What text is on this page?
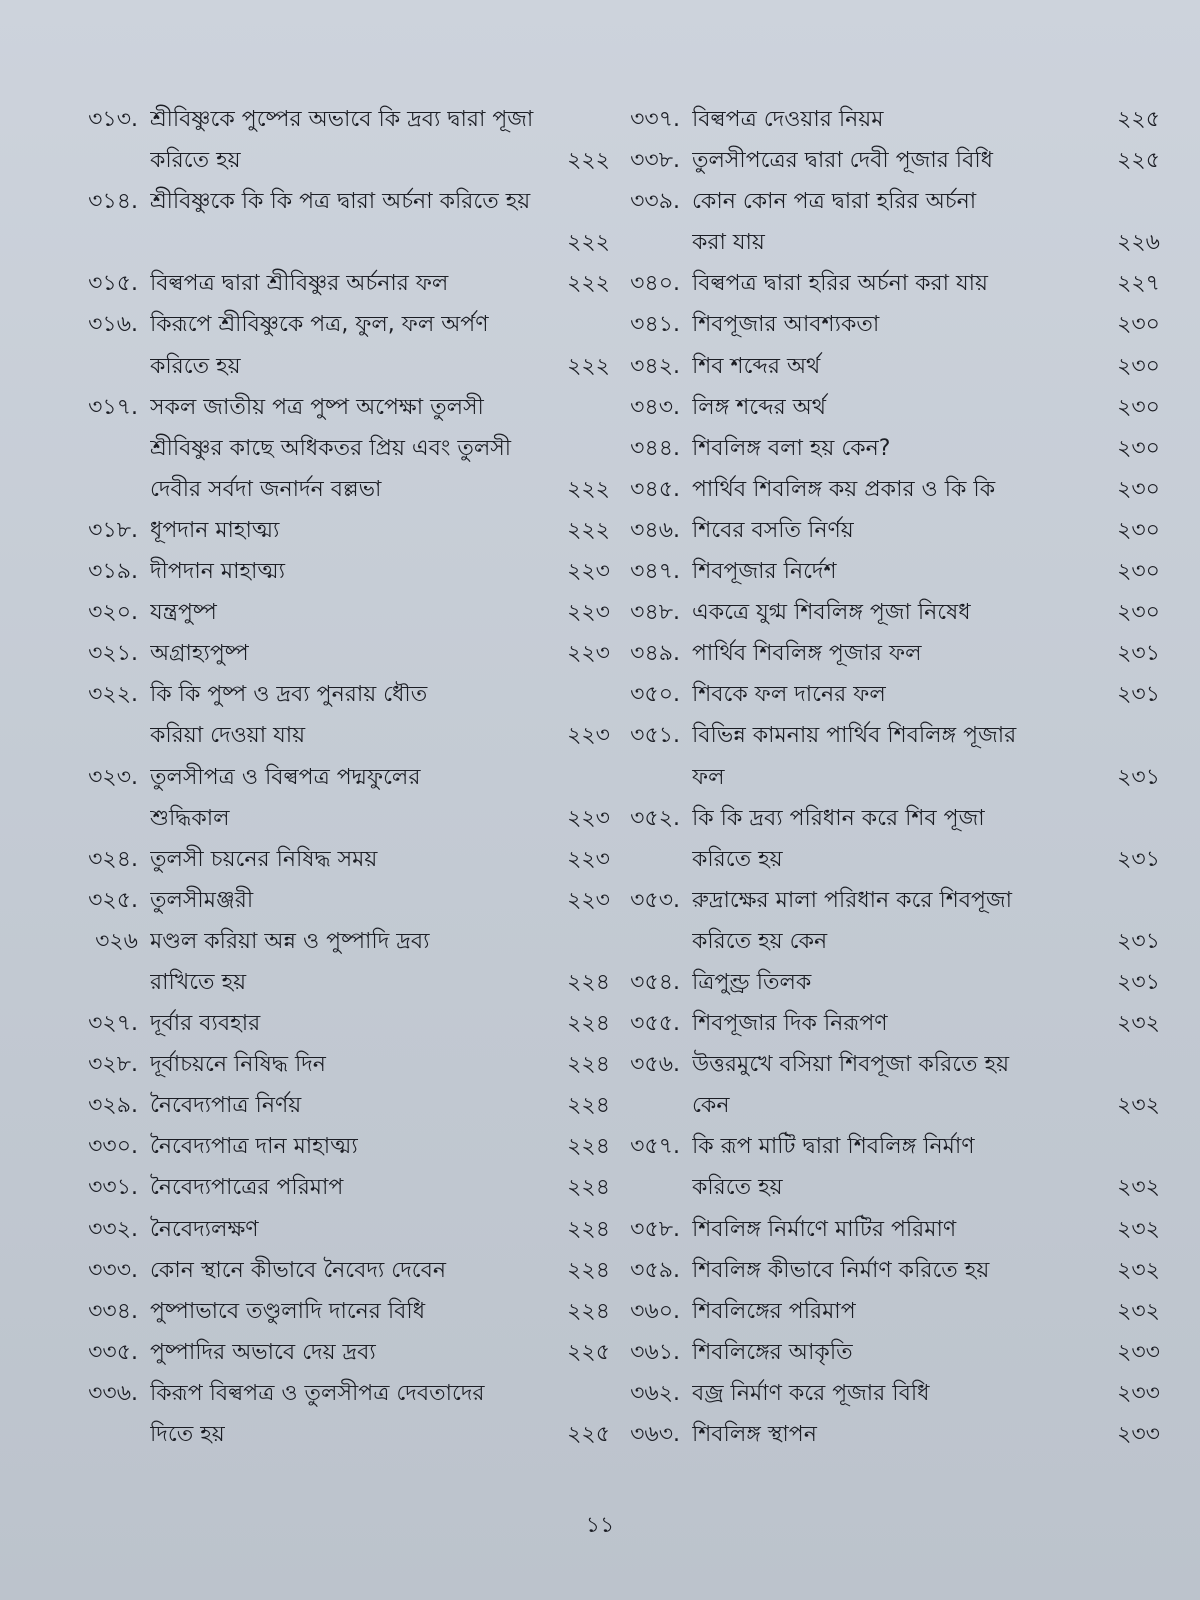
৩১৩. শ্রীবিষ্ণুকে পুষ্পের অভাবে কি দ্রব্য দ্বারা পূজা
করিতে হয়	২২২
৩১৪. শ্রীবিষ্ণুকে কি কি পত্র দ্বারা অর্চনা করিতে হয়
২২২
৩১৫. বিল্বপত্র দ্বারা শ্রীবিষ্ণুর অর্চনার ফল	২২২
৩১৬. কিরূপে শ্রীবিষ্ণুকে পত্র, ফুল, ফল অর্পণ
করিতে হয়	২২২
৩১৭. সকল জাতীয় পত্র পুষ্প অপেক্ষা তুলসী
শ্রীবিষ্ণুর কাছে অধিকতর প্রিয় এবং তুলসী
দেবীর সর্বদা জনার্দন বল্লভা	২২২
৩১৮. ধূপদান মাহাত্ম্য	২২২
৩১৯. দীপদান মাহাত্ম্য	২২৩
৩২০. যন্ত্রপুষ্প	২২৩
৩২১. অগ্রাহ্যপুষ্প	২২৩
৩২২. কি কি পুষ্প ও দ্রব্য পুনরায় ধৌত
করিয়া দেওয়া যায়	২২৩
৩২৩. তুলসীপত্র ও বিল্বপত্র পদ্মফুলের
শুদ্ধিকাল	২২৩
৩২৪. তুলসী চয়নের নিষিদ্ধ সময়	২২৩
৩২৫. তুলসীমঞ্জরী	২২৩
৩২৬ মণ্ডল করিয়া অন্ন ও পুষ্পাদি দ্রব্য
রাখিতে হয়	২২৪
৩২৭. দূর্বার ব্যবহার	২২৪
৩২৮. দূর্বাচয়নে নিষিদ্ধ দিন	২২৪
৩২৯. নৈবেদ্যপাত্র নির্ণয়	২২৪
৩৩০. নৈবেদ্যপাত্র দান মাহাত্ম্য	২২৪
৩৩১. নৈবেদ্যপাত্রের পরিমাপ	২২৪
৩৩২. নৈবেদ্যলক্ষণ	২২৪
৩৩৩. কোন স্থানে কীভাবে নৈবেদ্য দেবেন	২২৪
৩৩৪. পুষ্পাভাবে তণ্ডুলাদি দানের বিধি	২২৪
৩৩৫. পুষ্পাদির অভাবে দেয় দ্রব্য	২২৫
৩৩৬. কিরূপ বিল্বপত্র ও তুলসীপত্র দেবতাদের
দিতে হয়	২২৫
৩৩৭. বিল্বপত্র দেওয়ার নিয়ম	২২৫
৩৩৮. তুলসীপত্রের দ্বারা দেবী পূজার বিধি	২২৫
৩৩৯. কোন কোন পত্র দ্বারা হরির অর্চনা
করা যায়	২২৬
৩৪০. বিল্বপত্র দ্বারা হরির অর্চনা করা যায়	২২৭
৩৪১. শিবপূজার আবশ্যকতা	২৩০
৩৪২. শিব শব্দের অর্থ	২৩০
৩৪৩. লিঙ্গ শব্দের অর্থ	২৩০
৩৪৪. শিবলিঙ্গ বলা হয় কেন?	২৩০
৩৪৫. পার্থিব শিবলিঙ্গ কয় প্রকার ও কি কি	২৩০
৩৪৬. শিবের বসতি নির্ণয়	২৩০
৩৪৭. শিবপূজার নির্দেশ	২৩০
৩৪৮. একত্রে যুগ্ম শিবলিঙ্গ পূজা নিষেধ	২৩০
৩৪৯. পার্থিব শিবলিঙ্গ পূজার ফল	২৩১
৩৫০. শিবকে ফল দানের ফল	২৩১
৩৫১. বিভিন্ন কামনায় পার্থিব শিবলিঙ্গ পূজার
ফল	২৩১
৩৫২. কি কি দ্রব্য পরিধান করে শিব পূজা
করিতে হয়	২৩১
৩৫৩. রুদ্রাক্ষের মালা পরিধান করে শিবপূজা
করিতে হয় কেন	২৩১
৩৫৪. ত্রিপুণ্ড্র তিলক	২৩১
৩৫৫. শিবপূজার দিক নিরূপণ	২৩২
৩৫৬. উত্তরমুখে বসিয়া শিবপূজা করিতে হয়
কেন	২৩২
৩৫৭. কি রূপ মাটি দ্বারা শিবলিঙ্গ নির্মাণ
করিতে হয়	২৩২
৩৫৮. শিবলিঙ্গ নির্মাণে মাটির পরিমাণ	২৩২
৩৫৯. শিবলিঙ্গ কীভাবে নির্মাণ করিতে হয়	২৩২
৩৬০. শিবলিঙ্গের পরিমাপ	২৩২
৩৬১. শিবলিঙ্গের আকৃতি	২৩৩
৩৬২. বজ্র নির্মাণ করে পূজার বিধি	২৩৩
৩৬৩. শিবলিঙ্গ স্থাপন	২৩৩
১১
